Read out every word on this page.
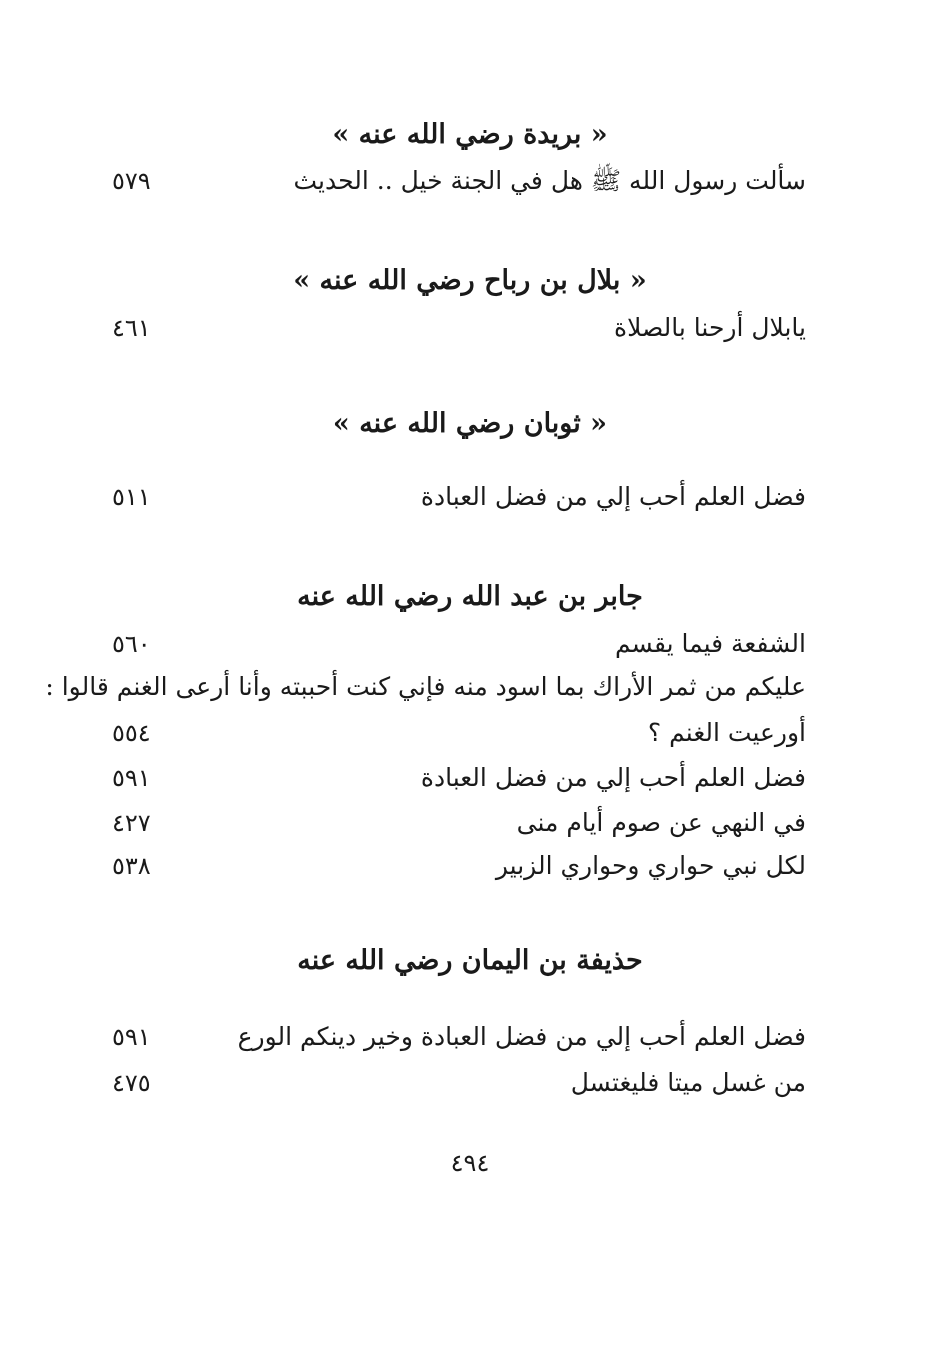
« بريدة رضي الله عنه »
سألت رسول الله ﷺ هل في الجنة خيل .. الحديث
٥٧٩
« بلال بن رباح رضي الله عنه »
يابلال أرحنا بالصلاة
٤٦١
« ثوبان رضي الله عنه »
فضل العلم أحب إلي من فضل العبادة
٥١١
جابر بن عبد الله رضي الله عنه
الشفعة فيما يقسم
٥٦٠
عليكم من ثمر الأراك بما اسود منه فإني كنت أحببته وأنا أرعى الغنم قالوا :
أورعيت الغنم ؟
٥٥٤
فضل العلم أحب إلي من فضل العبادة
٥٩١
في النهي عن صوم أيام منى
٤٢٧
لكل نبي حواري وحواري الزبير
٥٣٨
حذيفة بن اليمان رضي الله عنه
فضل العلم أحب إلي من فضل العبادة وخير دينكم الورع
٥٩١
من غسل ميتا فليغتسل
٤٧٥
٤٩٤
